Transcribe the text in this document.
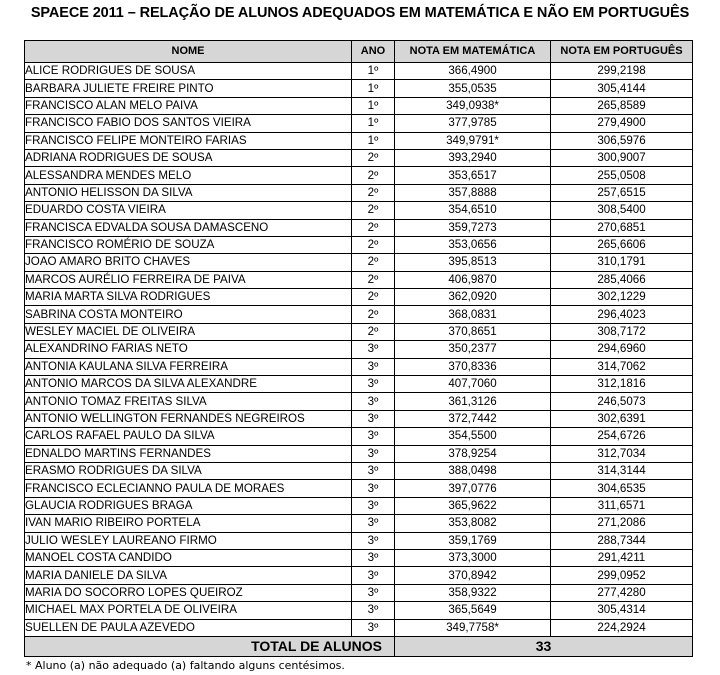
SPAECE 2011 – RELAÇÃO DE ALUNOS ADEQUADOS EM MATEMÁTICA E NÃO EM PORTUGUÊS
NOME	ANO	NOTA EM MATEMÁTICA	NOTA EM PORTUGUÊS
ALICE RODRIGUES DE SOUSA	1º	366,4900	299,2198
BARBARA JULIETE FREIRE PINTO	1º	355,0535	305,4144
FRANCISCO ALAN MELO PAIVA	1º	349,0938*	265,8589
FRANCISCO FABIO DOS SANTOS VIEIRA	1º	377,9785	279,4900
FRANCISCO FELIPE MONTEIRO FARIAS	1º	349,9791*	306,5976
ADRIANA RODRIGUES DE SOUSA	2º	393,2940	300,9007
ALESSANDRA MENDES MELO	2º	353,6517	255,0508
ANTONIO HELISSON DA SILVA	2º	357,8888	257,6515
EDUARDO COSTA VIEIRA	2º	354,6510	308,5400
FRANCISCA EDVALDA SOUSA DAMASCENO	2º	359,7273	270,6851
FRANCISCO ROMÉRIO DE SOUZA	2º	353,0656	265,6606
JOAO AMARO BRITO CHAVES	2º	395,8513	310,1791
MARCOS AURÉLIO FERREIRA DE PAIVA	2º	406,9870	285,4066
MARIA MARTA SILVA RODRIGUES	2º	362,0920	302,1229
SABRINA COSTA MONTEIRO	2º	368,0831	296,4023
WESLEY MACIEL DE OLIVEIRA	2º	370,8651	308,7172
ALEXANDRINO FARIAS NETO	3º	350,2377	294,6960
ANTONIA KAULANA SILVA FERREIRA	3º	370,8336	314,7062
ANTONIO MARCOS DA SILVA ALEXANDRE	3º	407,7060	312,1816
ANTONIO TOMAZ FREITAS SILVA	3º	361,3126	246,5073
ANTONIO WELLINGTON FERNANDES NEGREIROS	3º	372,7442	302,6391
CARLOS RAFAEL PAULO DA SILVA	3º	354,5500	254,6726
EDNALDO MARTINS FERNANDES	3º	378,9254	312,7034
ERASMO RODRIGUES DA SILVA	3º	388,0498	314,3144
FRANCISCO ECLECIANNO PAULA DE MORAES	3º	397,0776	304,6535
GLAUCIA RODRIGUES BRAGA	3º	365,9622	311,6571
IVAN MARIO RIBEIRO PORTELA	3º	353,8082	271,2086
JULIO WESLEY LAUREANO FIRMO	3º	359,1769	288,7344
MANOEL COSTA CANDIDO	3º	373,3000	291,4211
MARIA DANIELE DA SILVA	3º	370,8942	299,0952
MARIA DO SOCORRO LOPES QUEIROZ	3º	358,9322	277,4280
MICHAEL MAX PORTELA DE OLIVEIRA	3º	365,5649	305,4314
SUELLEN DE PAULA AZEVEDO	3º	349,7758*	224,2924
TOTAL DE ALUNOS		33	
* Aluno (a) não adequado (a) faltando alguns centésimos.
